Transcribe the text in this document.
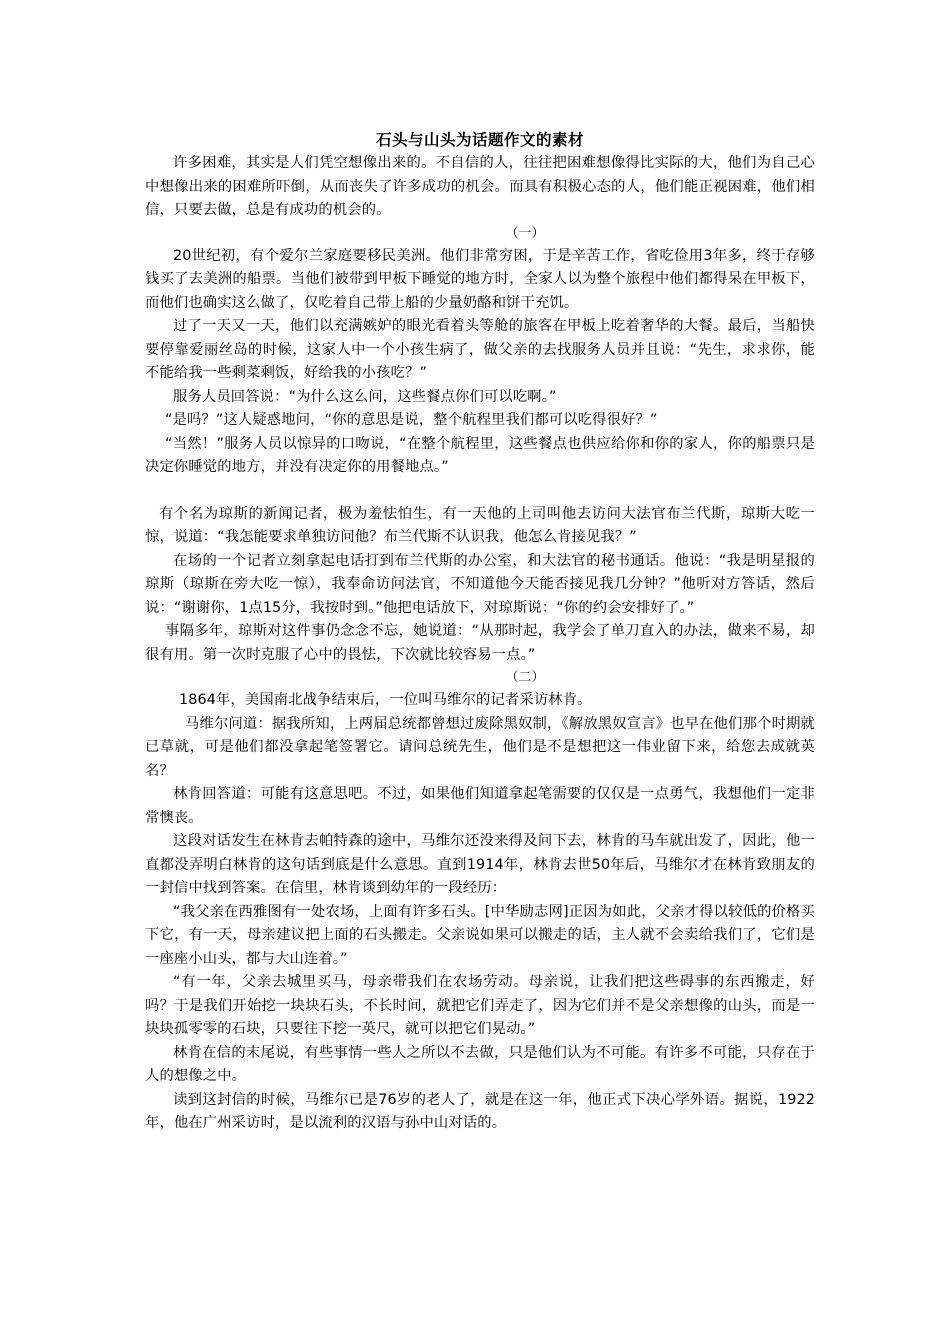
石头与山头为话题作文的素材

许多困难，其实是人们凭空想像出来的。不自信的人，往往把困难想像得比实际的大，他们为自己心中想像出来的困难所吓倒，从而丧失了许多成功的机会。而具有积极心态的人，他们能正视困难，他们相信，只要去做，总是有成功的机会的。

（一）

20世纪初，有个爱尔兰家庭要移民美洲。他们非常穷困，于是辛苦工作，省吃俭用3年多，终于存够钱买了去美洲的船票。当他们被带到甲板下睡觉的地方时，全家人以为整个旅程中他们都得呆在甲板下，而他们也确实这么做了，仅吃着自己带上船的少量奶酪和饼干充饥。

过了一天又一天，他们以充满嫉妒的眼光看着头等舱的旅客在甲板上吃着奢华的大餐。最后，当船快要停靠爱丽丝岛的时候，这家人中一个小孩生病了，做父亲的去找服务人员并且说：“先生，求求你，能不能给我一些剩菜剩饭，好给我的小孩吃？”

服务人员回答说：“为什么这么问，这些餐点你们可以吃啊。”

“是吗？”这人疑惑地问，“你的意思是说，整个航程里我们都可以吃得很好？”

“当然！”服务人员以惊异的口吻说，“在整个航程里，这些餐点也供应给你和你的家人，你的船票只是决定你睡觉的地方，并没有决定你的用餐地点。”

有个名为琼斯的新闻记者，极为羞怯怕生，有一天他的上司叫他去访问大法官布兰代斯，琼斯大吃一惊，说道：“我怎能要求单独访问他？布兰代斯不认识我，他怎么肯接见我？”

在场的一个记者立刻拿起电话打到布兰代斯的办公室，和大法官的秘书通话。他说：“我是明星报的琼斯（琼斯在旁大吃一惊），我奉命访问法官，不知道他今天能否接见我几分钟？”他听对方答话，然后说：“谢谢你，1点15分，我按时到。”他把电话放下，对琼斯说：“你的约会安排好了。”

事隔多年，琼斯对这件事仍念念不忘，她说道：“从那时起，我学会了单刀直入的办法，做来不易，却很有用。第一次时克服了心中的畏怯，下次就比较容易一点。”

（二）

1864年，美国南北战争结束后，一位叫马维尔的记者采访林肯。

马维尔问道：据我所知，上两届总统都曾想过废除黑奴制，《解放黑奴宣言》也早在他们那个时期就已草就，可是他们都没拿起笔签署它。请问总统先生，他们是不是想把这一伟业留下来，给您去成就英名？

林肯回答道：可能有这意思吧。不过，如果他们知道拿起笔需要的仅仅是一点勇气，我想他们一定非常懊丧。

这段对话发生在林肯去帕特森的途中，马维尔还没来得及问下去，林肯的马车就出发了，因此，他一直都没弄明白林肯的这句话到底是什么意思。直到1914年，林肯去世50年后，马维尔才在林肯致朋友的一封信中找到答案。在信里，林肯谈到幼年的一段经历：

“我父亲在西雅图有一处农场，上面有许多石头。[中华励志网]正因为如此，父亲才得以较低的价格买下它，有一天，母亲建议把上面的石头搬走。父亲说如果可以搬走的话，主人就不会卖给我们了，它们是一座座小山头，都与大山连着。”

“有一年，父亲去城里买马，母亲带我们在农场劳动。母亲说，让我们把这些碍事的东西搬走，好吗？于是我们开始挖一块块石头，不长时间，就把它们弄走了，因为它们并不是父亲想像的山头，而是一块块孤零零的石块，只要往下挖一英尺，就可以把它们晃动。”

林肯在信的末尾说，有些事情一些人之所以不去做，只是他们认为不可能。有许多不可能，只存在于人的想像之中。

读到这封信的时候，马维尔已是76岁的老人了，就是在这一年，他正式下决心学外语。据说，1922年，他在广州采访时，是以流利的汉语与孙中山对话的。
